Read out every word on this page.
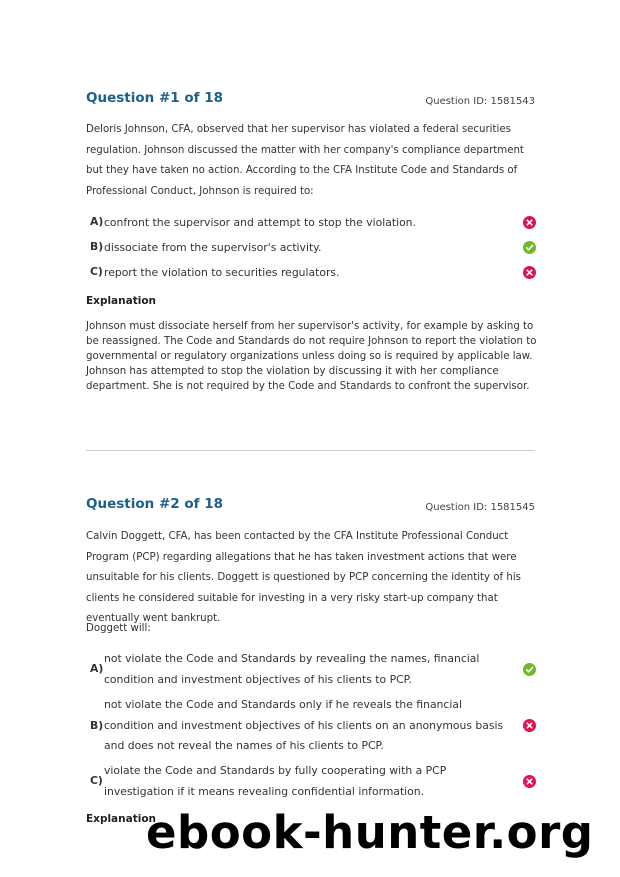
Question #1 of 18	Question ID: 1581543
Deloris Johnson, CFA, observed that her supervisor has violated a federal securities regulation. Johnson discussed the matter with her company's compliance department but they have taken no action. According to the CFA Institute Code and Standards of Professional Conduct, Johnson is required to:
A) confront the supervisor and attempt to stop the violation.
B) dissociate from the supervisor's activity.
C) report the violation to securities regulators.
Explanation
Johnson must dissociate herself from her supervisor's activity, for example by asking to be reassigned. The Code and Standards do not require Johnson to report the violation to governmental or regulatory organizations unless doing so is required by applicable law. Johnson has attempted to stop the violation by discussing it with her compliance department. She is not required by the Code and Standards to confront the supervisor.
Question #2 of 18	Question ID: 1581545
Calvin Doggett, CFA, has been contacted by the CFA Institute Professional Conduct Program (PCP) regarding allegations that he has taken investment actions that were unsuitable for his clients. Doggett is questioned by PCP concerning the identity of his clients he considered suitable for investing in a very risky start-up company that eventually went bankrupt.
Doggett will:
A)
not violate the Code and Standards by revealing the names, financial condition and investment objectives of his clients to PCP.
B)
not violate the Code and Standards only if he reveals the financial condition and investment objectives of his clients on an anonymous basis and does not reveal the names of his clients to PCP.
C)
violate the Code and Standards by fully cooperating with a PCP investigation if it means revealing confidential information.
Explanation
ebook-hunter.org
